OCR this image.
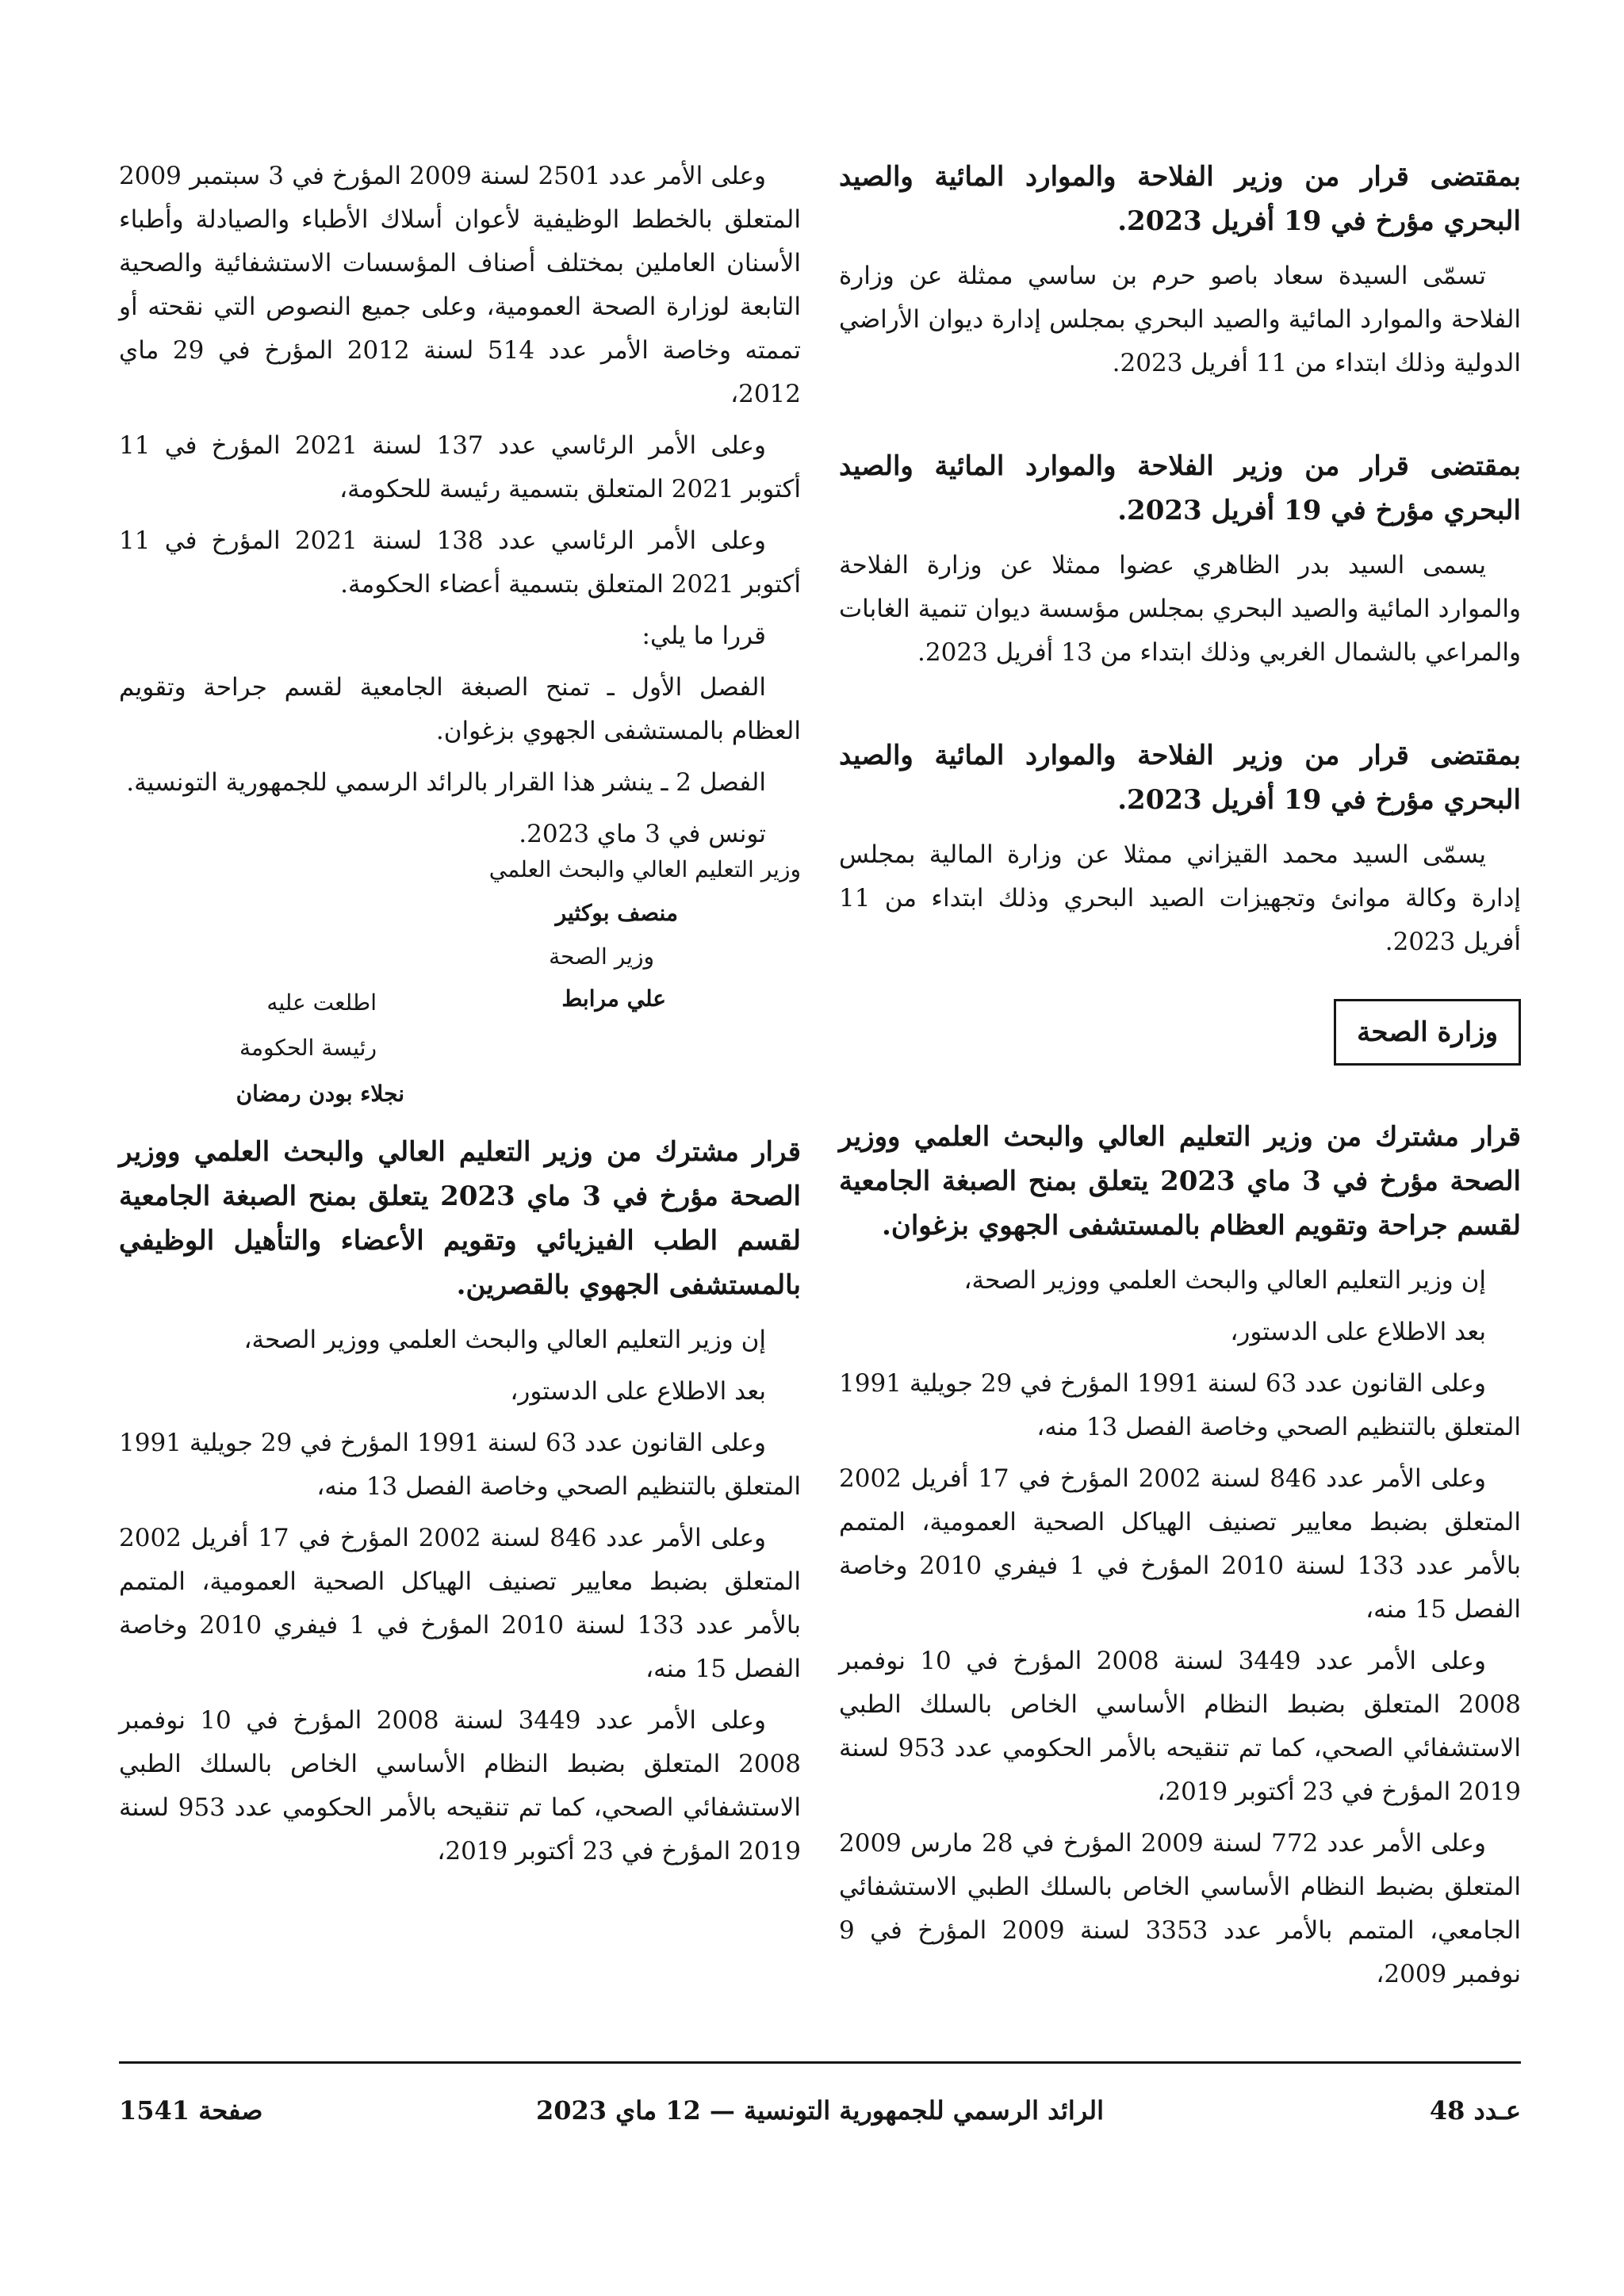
بمقتضى قرار من وزير الفلاحة والموارد المائية والصيد البحري مؤرخ في 19 أفريل 2023.

تسمّى السيدة سعاد باصو حرم بن ساسي ممثلة عن وزارة الفلاحة والموارد المائية والصيد البحري بمجلس إدارة ديوان الأراضي الدولية وذلك ابتداء من 11 أفريل 2023.

بمقتضى قرار من وزير الفلاحة والموارد المائية والصيد البحري مؤرخ في 19 أفريل 2023.

يسمى السيد بدر الظاهري عضوا ممثلا عن وزارة الفلاحة والموارد المائية والصيد البحري بمجلس مؤسسة ديوان تنمية الغابات والمراعي بالشمال الغربي وذلك ابتداء من 13 أفريل 2023.

بمقتضى قرار من وزير الفلاحة والموارد المائية والصيد البحري مؤرخ في 19 أفريل 2023.

يسمّى السيد محمد القيزاني ممثلا عن وزارة المالية بمجلس إدارة وكالة موانئ وتجهيزات الصيد البحري وذلك ابتداء من 11 أفريل 2023.

وزارة الصحة

قرار مشترك من وزير التعليم العالي والبحث العلمي ووزير الصحة مؤرخ في 3 ماي 2023 يتعلق بمنح الصبغة الجامعية لقسم جراحة وتقويم العظام بالمستشفى الجهوي بزغوان.

إن وزير التعليم العالي والبحث العلمي ووزير الصحة،

بعد الاطلاع على الدستور،

وعلى القانون عدد 63 لسنة 1991 المؤرخ في 29 جويلية 1991 المتعلق بالتنظيم الصحي وخاصة الفصل 13 منه،

وعلى الأمر عدد 846 لسنة 2002 المؤرخ في 17 أفريل 2002 المتعلق بضبط معايير تصنيف الهياكل الصحية العمومية، المتمم بالأمر عدد 133 لسنة 2010 المؤرخ في 1 فيفري 2010 وخاصة الفصل 15 منه،

وعلى الأمر عدد 3449 لسنة 2008 المؤرخ في 10 نوفمبر 2008 المتعلق بضبط النظام الأساسي الخاص بالسلك الطبي الاستشفائي الصحي، كما تم تنقيحه بالأمر الحكومي عدد 953 لسنة 2019 المؤرخ في 23 أكتوبر 2019،

وعلى الأمر عدد 772 لسنة 2009 المؤرخ في 28 مارس 2009 المتعلق بضبط النظام الأساسي الخاص بالسلك الطبي الاستشفائي الجامعي، المتمم بالأمر عدد 3353 لسنة 2009 المؤرخ في 9 نوفمبر 2009،

وعلى الأمر عدد 2501 لسنة 2009 المؤرخ في 3 سبتمبر 2009 المتعلق بالخطط الوظيفية لأعوان أسلاك الأطباء والصيادلة وأطباء الأسنان العاملين بمختلف أصناف المؤسسات الاستشفائية والصحية التابعة لوزارة الصحة العمومية، وعلى جميع النصوص التي نقحته أو تممته وخاصة الأمر عدد 514 لسنة 2012 المؤرخ في 29 ماي 2012،

وعلى الأمر الرئاسي عدد 137 لسنة 2021 المؤرخ في 11 أكتوبر 2021 المتعلق بتسمية رئيسة للحكومة،

وعلى الأمر الرئاسي عدد 138 لسنة 2021 المؤرخ في 11 أكتوبر 2021 المتعلق بتسمية أعضاء الحكومة.

قررا ما يلي:

الفصل الأول ـ تمنح الصبغة الجامعية لقسم جراحة وتقويم العظام بالمستشفى الجهوي بزغوان.

الفصل 2 ـ ينشر هذا القرار بالرائد الرسمي للجمهورية التونسية.

تونس في 3 ماي 2023.

وزير التعليم العالي والبحث العلمي
منصف بوكثير
وزير الصحة
علي مرابط
اطلعت عليه
رئيسة الحكومة
نجلاء بودن رمضان

قرار مشترك من وزير التعليم العالي والبحث العلمي ووزير الصحة مؤرخ في 3 ماي 2023 يتعلق بمنح الصبغة الجامعية لقسم الطب الفيزيائي وتقويم الأعضاء والتأهيل الوظيفي بالمستشفى الجهوي بالقصرين.

إن وزير التعليم العالي والبحث العلمي ووزير الصحة،

بعد الاطلاع على الدستور،

وعلى القانون عدد 63 لسنة 1991 المؤرخ في 29 جويلية 1991 المتعلق بالتنظيم الصحي وخاصة الفصل 13 منه،

وعلى الأمر عدد 846 لسنة 2002 المؤرخ في 17 أفريل 2002 المتعلق بضبط معايير تصنيف الهياكل الصحية العمومية، المتمم بالأمر عدد 133 لسنة 2010 المؤرخ في 1 فيفري 2010 وخاصة الفصل 15 منه،

وعلى الأمر عدد 3449 لسنة 2008 المؤرخ في 10 نوفمبر 2008 المتعلق بضبط النظام الأساسي الخاص بالسلك الطبي الاستشفائي الصحي، كما تم تنقيحه بالأمر الحكومي عدد 953 لسنة 2019 المؤرخ في 23 أكتوبر 2019،

عـدد 48
الرائد الرسمي للجمهورية التونسية — 12 ماي 2023
صفحة 1541
